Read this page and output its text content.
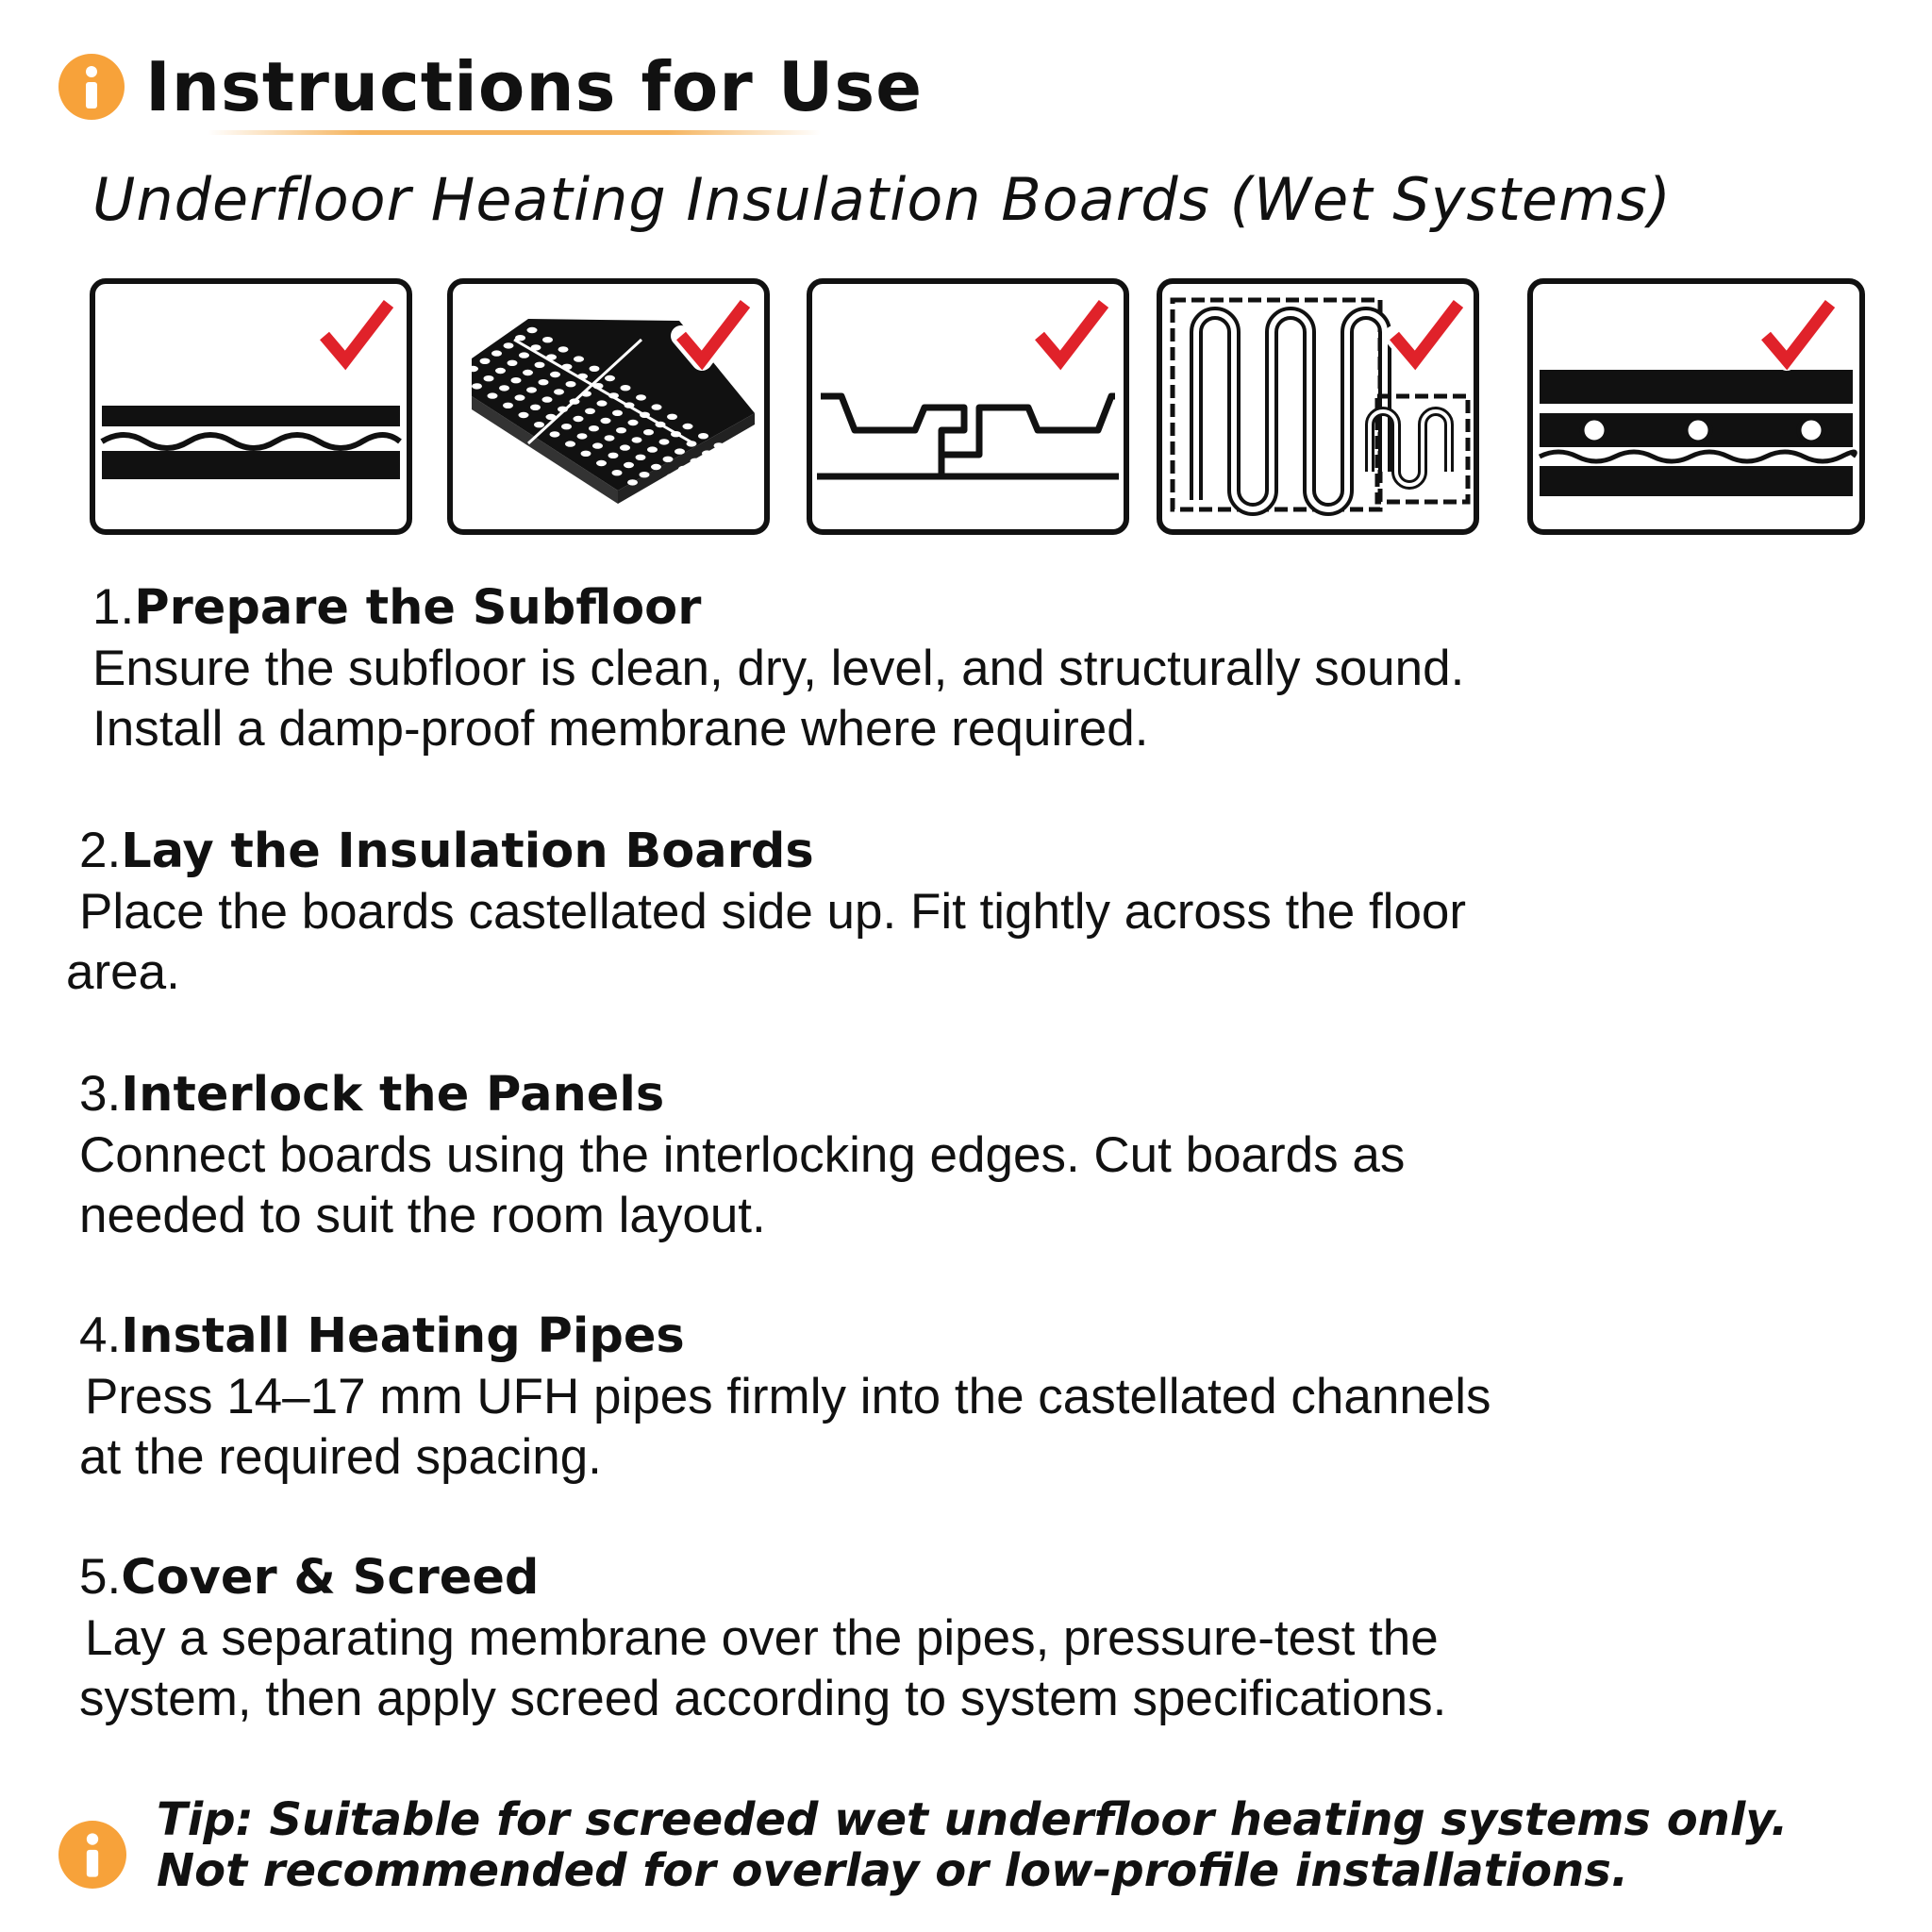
Instructions for Use
Underfloor Heating Insulation Boards (Wet Systems)
1.Prepare the Subfloor
Ensure the subfloor is clean, dry, level, and structurally sound.
Install a damp-proof membrane where required.
2.Lay the Insulation Boards
Place the boards castellated side up. Fit tightly across the floor
area.
3.Interlock the Panels
Connect boards using the interlocking edges. Cut boards as
needed to suit the room layout.
4.Install Heating Pipes
Press 14–17 mm UFH pipes firmly into the castellated channels
at the required spacing.
5.Cover & Screed
Lay a separating membrane over the pipes, pressure-test the
system, then apply screed according to system specifications.
Tip: Suitable for screeded wet underfloor heating systems only.
Not recommended for overlay or low-profile installations.
